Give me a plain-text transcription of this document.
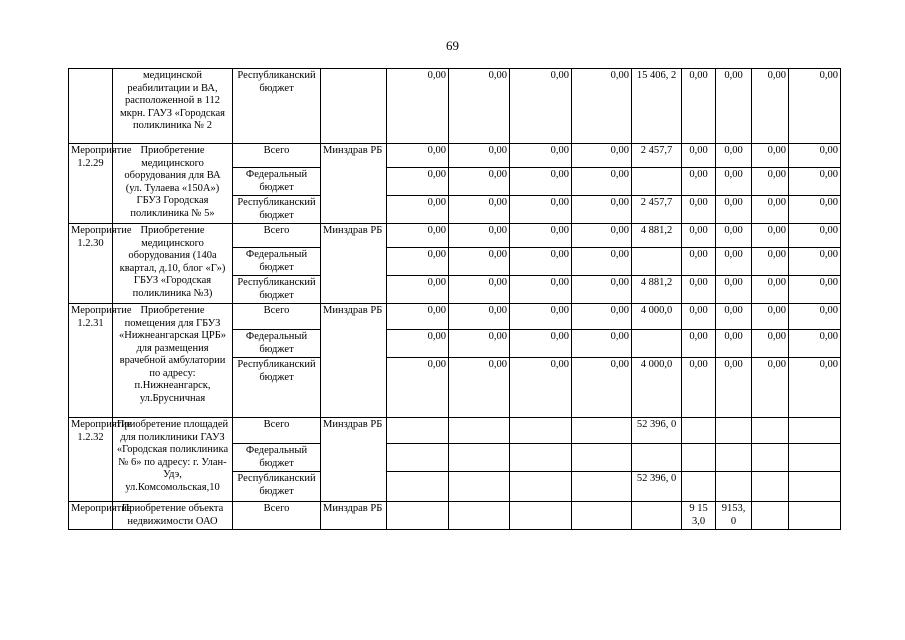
69
	медицинской реабилитации и ВА, расположенной в 112 мкрн. ГАУЗ «Городская поликлиника № 2	Республиканский бюджет		0,00	0,00	0,00	0,00	15 406, 2	0,00	0,00	0,00	0,00
Мероприятие 1.2.29	Приобретение медицинского оборудования для ВА (ул. Тулаева «150А») ГБУЗ Городская поликлиника № 5»	Всего	Минздрав РБ	0,00	0,00	0,00	0,00	2 457,7	0,00	0,00	0,00	0,00
		Федеральный бюджет		0,00	0,00	0,00	0,00		0,00	0,00	0,00	0,00
		Республиканский бюджет		0,00	0,00	0,00	0,00	2 457,7	0,00	0,00	0,00	0,00
Мероприятие 1.2.30	Приобретение медицинского оборудования (140а квартал, д.10, блог «Г») ГБУЗ «Городская поликлиника №3)	Всего	Минздрав РБ	0,00	0,00	0,00	0,00	4 881,2	0,00	0,00	0,00	0,00
		Федеральный бюджет		0,00	0,00	0,00	0,00		0,00	0,00	0,00	0,00
		Республиканский бюджет		0,00	0,00	0,00	0,00	4 881,2	0,00	0,00	0,00	0,00
Мероприятие 1.2.31	Приобретение помещения для ГБУЗ «Нижнеангарская ЦРБ» для размещения врачебной амбулатории по адресу: п.Нижнеангарск, ул.Брусничная	Всего	Минздрав РБ	0,00	0,00	0,00	0,00	4 000,0	0,00	0,00	0,00	0,00
		Федеральный бюджет		0,00	0,00	0,00	0,00		0,00	0,00	0,00	0,00
		Республиканский бюджет		0,00	0,00	0,00	0,00	4 000,0	0,00	0,00	0,00	0,00
Мероприятие 1.2.32	Приобретение площадей для поликлиники ГАУЗ «Городская поликлиника № 6» по адресу: г. Улан-Удэ, ул.Комсомольская,10	Всего	Минздрав РБ					52 396, 0				
		Федеральный бюджет										
		Республиканский бюджет						52 396, 0				
Мероприятие	Приобретение объекта недвижимости ОАО	Всего	Минздрав РБ						9 15 3,0	9153, 0		
